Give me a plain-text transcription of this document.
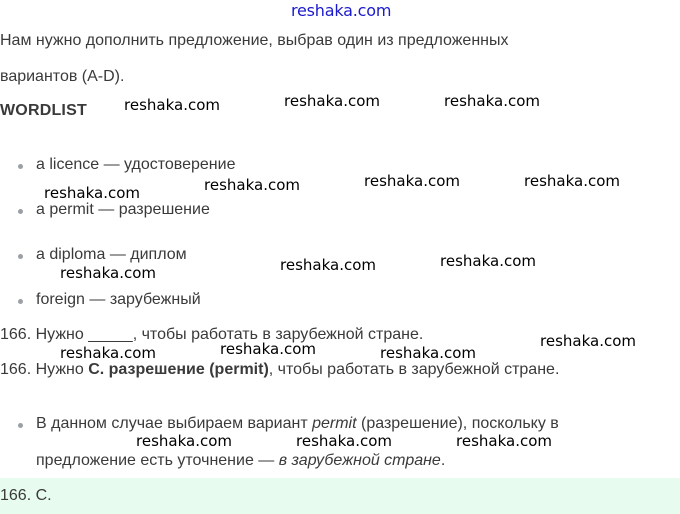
reshaka.com
Нам нужно дополнить предложение, выбрав один из предложенных
вариантов (A-D).
WORDLIST
a licence — удостоверение
a permit — разрешение
a diploma — диплом
foreign — зарубежный
166. Нужно _____, чтобы работать в зарубежной стране.
166. Нужно C. разрешение (permit), чтобы работать в зарубежной стране.
В данном случае выбираем вариант permit (разрешение), поскольку в
предложение есть уточнение — в зарубежной стране.
166. C.
reshaka.com	reshaka.com	reshaka.com
reshaka.com	reshaka.com	reshaka.com	reshaka.com
reshaka.com	reshaka.com	reshaka.com
reshaka.com
reshaka.com	reshaka.com	reshaka.com
reshaka.com	reshaka.com	reshaka.com
